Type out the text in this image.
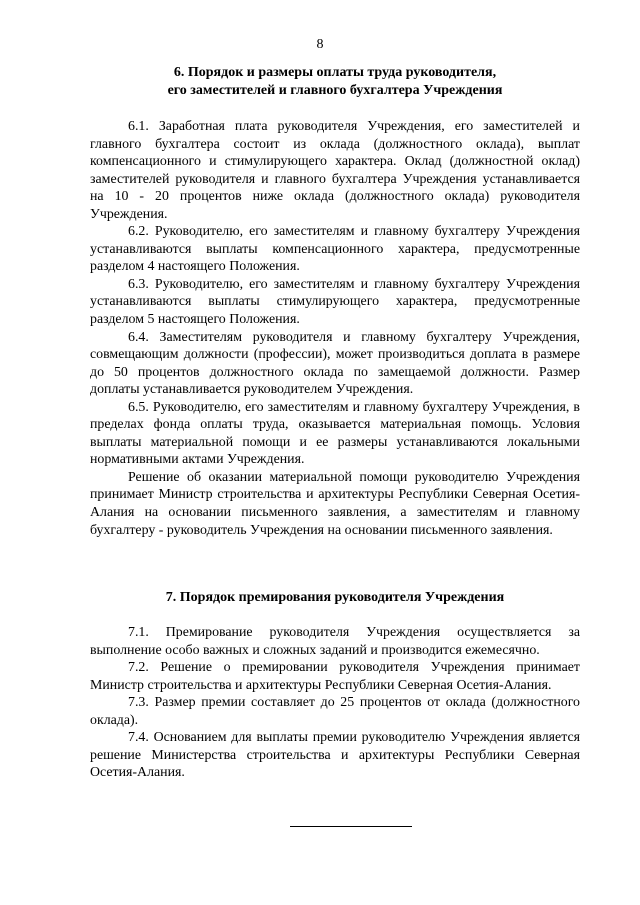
8
6. Порядок и размеры оплаты труда руководителя,
его заместителей и главного бухгалтера Учреждения

6.1. Заработная плата руководителя Учреждения, его заместителей и главного бухгалтера состоит из оклада (должностного оклада), выплат компенсационного и стимулирующего характера. Оклад (должностной оклад) заместителей руководителя и главного бухгалтера Учреждения устанавливается на 10 - 20 процентов ниже оклада (должностного оклада) руководителя Учреждения.

6.2. Руководителю, его заместителям и главному бухгалтеру Учреждения устанавливаются выплаты компенсационного характера, предусмотренные разделом 4 настоящего Положения.

6.3. Руководителю, его заместителям и главному бухгалтеру Учреждения устанавливаются выплаты стимулирующего характера, предусмотренные разделом 5 настоящего Положения.

6.4. Заместителям руководителя и главному бухгалтеру Учреждения, совмещающим должности (профессии), может производиться доплата в размере до 50 процентов должностного оклада по замещаемой должности. Размер доплаты устанавливается руководителем Учреждения.

6.5. Руководителю, его заместителям и главному бухгалтеру Учреждения, в пределах фонда оплаты труда, оказывается материальная помощь. Условия выплаты материальной помощи и ее размеры устанавливаются локальными нормативными актами Учреждения.

Решение об оказании материальной помощи руководителю Учреждения принимает Министр строительства и архитектуры Республики Северная Осетия-Алания на основании письменного заявления, а заместителям и главному бухгалтеру - руководитель Учреждения на основании письменного заявления.

7. Порядок премирования руководителя Учреждения

7.1. Премирование руководителя Учреждения осуществляется за выполнение особо важных и сложных заданий и производится ежемесячно.

7.2. Решение о премировании руководителя Учреждения принимает Министр строительства и архитектуры Республики Северная Осетия-Алания.

7.3. Размер премии составляет до 25 процентов от оклада (должностного оклада).

7.4. Основанием для выплаты премии руководителю Учреждения является решение Министерства строительства и архитектуры Республики Северная Осетия-Алания.
